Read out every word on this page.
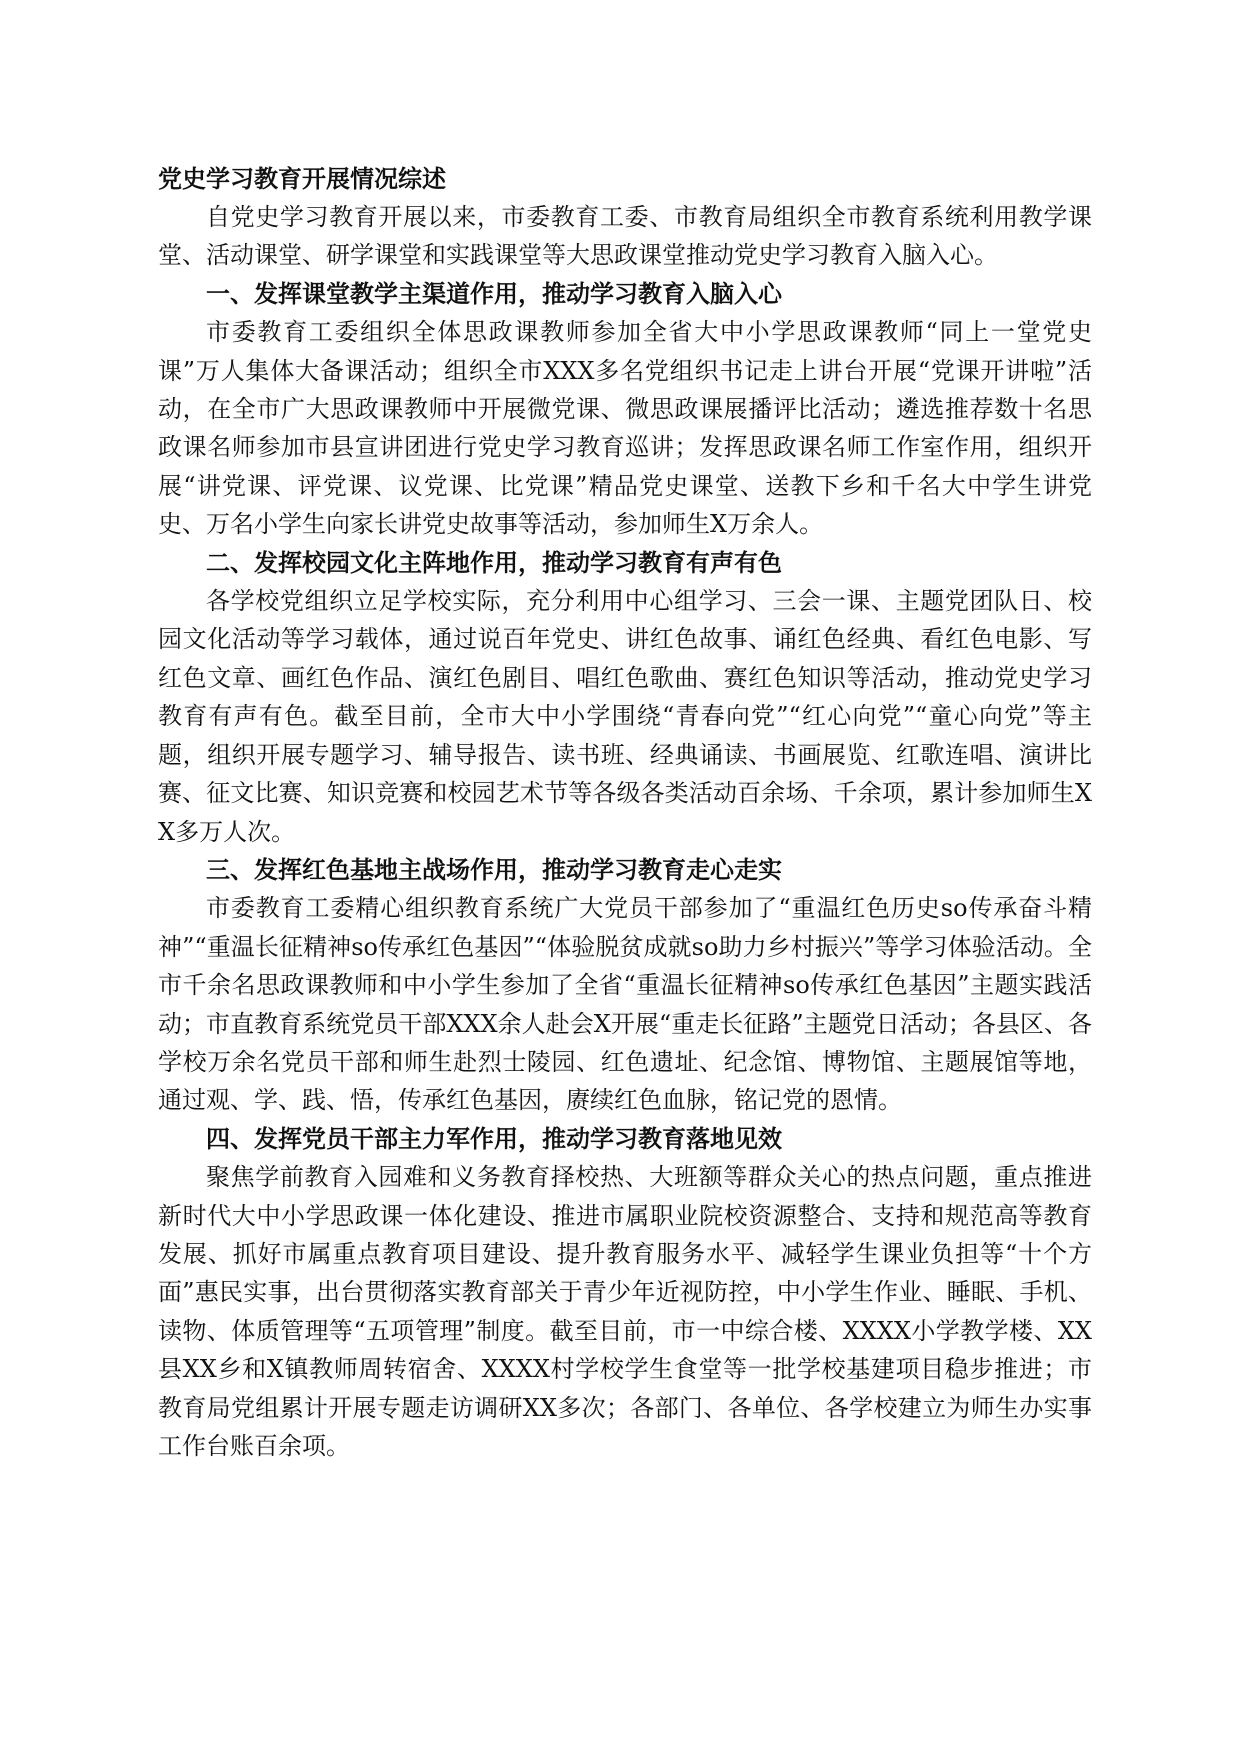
党史学习教育开展情况综述

自党史学习教育开展以来，市委教育工委、市教育局组织全市教育系统利用教学课堂、活动课堂、研学课堂和实践课堂等大思政课堂推动党史学习教育入脑入心。

一、发挥课堂教学主渠道作用，推动学习教育入脑入心

市委教育工委组织全体思政课教师参加全省大中小学思政课教师“同上一堂党史课”万人集体大备课活动；组织全市XXX多名党组织书记走上讲台开展“党课开讲啦”活动，在全市广大思政课教师中开展微党课、微思政课展播评比活动；遴选推荐数十名思政课名师参加市县宣讲团进行党史学习教育巡讲；发挥思政课名师工作室作用，组织开展“讲党课、评党课、议党课、比党课”精品党史课堂、送教下乡和千名大中学生讲党史、万名小学生向家长讲党史故事等活动，参加师生X万余人。

二、发挥校园文化主阵地作用，推动学习教育有声有色

各学校党组织立足学校实际，充分利用中心组学习、三会一课、主题党团队日、校园文化活动等学习载体，通过说百年党史、讲红色故事、诵红色经典、看红色电影、写红色文章、画红色作品、演红色剧目、唱红色歌曲、赛红色知识等活动，推动党史学习教育有声有色。截至目前，全市大中小学围绕“青春向党”“红心向党”“童心向党”等主题，组织开展专题学习、辅导报告、读书班、经典诵读、书画展览、红歌连唱、演讲比赛、征文比赛、知识竞赛和校园艺术节等各级各类活动百余场、千余项，累计参加师生XX多万人次。

三、发挥红色基地主战场作用，推动学习教育走心走实

市委教育工委精心组织教育系统广大党员干部参加了“重温红色历史so传承奋斗精神”“重温长征精神so传承红色基因”“体验脱贫成就so助力乡村振兴”等学习体验活动。全市千余名思政课教师和中小学生参加了全省“重温长征精神so传承红色基因”主题实践活动；市直教育系统党员干部XXX余人赴会X开展“重走长征路”主题党日活动；各县区、各学校万余名党员干部和师生赴烈士陵园、红色遗址、纪念馆、博物馆、主题展馆等地，通过观、学、践、悟，传承红色基因，赓续红色血脉，铭记党的恩情。

四、发挥党员干部主力军作用，推动学习教育落地见效

聚焦学前教育入园难和义务教育择校热、大班额等群众关心的热点问题，重点推进新时代大中小学思政课一体化建设、推进市属职业院校资源整合、支持和规范高等教育发展、抓好市属重点教育项目建设、提升教育服务水平、减轻学生课业负担等“十个方面”惠民实事，出台贯彻落实教育部关于青少年近视防控，中小学生作业、睡眠、手机、读物、体质管理等“五项管理”制度。截至目前，市一中综合楼、XXXX小学教学楼、XX县XX乡和X镇教师周转宿舍、XXXX村学校学生食堂等一批学校基建项目稳步推进；市教育局党组累计开展专题走访调研XX多次；各部门、各单位、各学校建立为师生办实事工作台账百余项。
